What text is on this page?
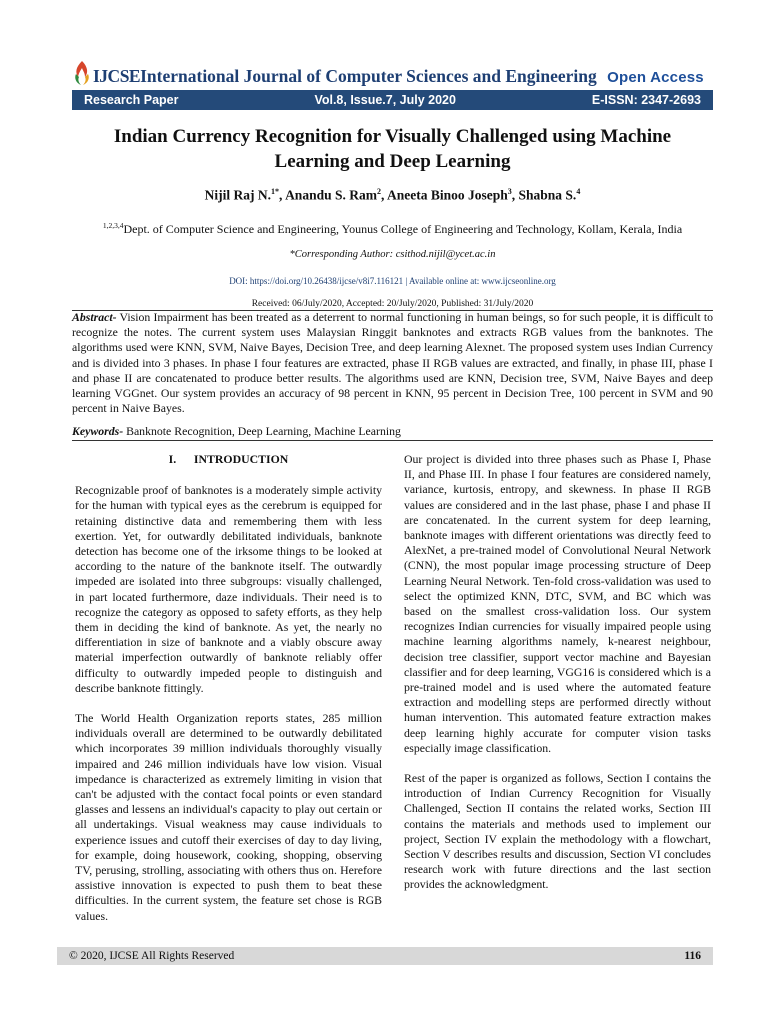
IJCSEInternational Journal of Computer Sciences and Engineering Open Access
Research Paper	Vol.8, Issue.7, July 2020	E-ISSN: 2347-2693
Indian Currency Recognition for Visually Challenged using Machine
Learning and Deep Learning
Nijil Raj N.$^{1*}$, Anandu S. Ram$^2$, Aneeta Binoo Joseph$^3$, Shabna S.$^4$
$^{1,2,3,4}$Dept. of Computer Science and Engineering, Younus College of Engineering and Technology, Kollam, Kerala, India
*Corresponding Author: csithod.nijil@ycet.ac.in
DOI: https://doi.org/10.26438/ijcse/v8i7.116121 | Available online at: www.ijcseonline.org
Received: 06/July/2020, Accepted: 20/July/2020, Published: 31/July/2020
Abstract- Vision Impairment has been treated as a deterrent to normal functioning in human beings, so for such people, it is difficult to recognize the notes. The current system uses Malaysian Ringgit banknotes and extracts RGB values from the banknotes. The algorithms used were KNN, SVM, Naive Bayes, Decision Tree, and deep learning Alexnet. The proposed system uses Indian Currency and is divided into 3 phases. In phase I four features are extracted, phase II RGB values are extracted, and finally, in phase III, phase I and phase II are concatenated to produce better results. The algorithms used are KNN, Decision tree, SVM, Naive Bayes and deep learning VGGnet. Our system provides an accuracy of 98 percent in KNN, 95 percent in Decision Tree, 100 percent in SVM and 90 percent in Naive Bayes.
Keywords- Banknote Recognition, Deep Learning, Machine Learning
I. INTRODUCTION

Recognizable proof of banknotes is a moderately simple activity for the human with typical eyes as the cerebrum is equipped for retaining distinctive data and remembering them with less exertion. Yet, for outwardly debilitated individuals, banknote detection has become one of the irksome things to be looked at according to the nature of the banknote itself. The outwardly impeded are isolated into three subgroups: visually challenged, in part located furthermore, daze individuals. Their need is to recognize the category as opposed to safety efforts, as they help them in deciding the kind of banknote. As yet, the nearly no differentiation in size of banknote and a viably obscure away material imperfection outwardly of banknote reliably offer difficulty to outwardly impeded people to distinguish and describe banknote fittingly.

The World Health Organization reports states, 285 million individuals overall are determined to be outwardly debilitated which incorporates 39 million individuals thoroughly visually impaired and 246 million individuals have low vision. Visual impedance is characterized as extremely limiting in vision that can't be adjusted with the contact focal points or even standard glasses and lessens an individual's capacity to play out certain or all undertakings. Visual weakness may cause individuals to experience issues and cutoff their exercises of day to day living, for example, doing housework, cooking, shopping, observing TV, perusing, strolling, associating with others thus on. Herefore assistive innovation is expected to push them to beat these difficulties. In the current system, the feature set chose is RGB values.

Our project is divided into three phases such as Phase I, Phase II, and Phase III. In phase I four features are considered namely, variance, kurtosis, entropy, and skewness. In phase II RGB values are considered and in the last phase, phase I and phase II are concatenated. In the current system for deep learning, banknote images with different orientations was directly feed to AlexNet, a pre-trained model of Convolutional Neural Network (CNN), the most popular image processing structure of Deep Learning Neural Network. Ten-fold cross-validation was used to select the optimized KNN, DTC, SVM, and BC which was based on the smallest cross-validation loss. Our system recognizes Indian currencies for visually impaired people using machine learning algorithms namely, k-nearest neighbour, decision tree classifier, support vector machine and Bayesian classifier and for deep learning, VGG16 is considered which is a pre-trained model and is used where the automated feature extraction and modelling steps are performed directly without human intervention. This automated feature extraction makes deep learning highly accurate for computer vision tasks especially image classification.

Rest of the paper is organized as follows, Section I contains the introduction of Indian Currency Recognition for Visually Challenged, Section II contains the related works, Section III contains the materials and methods used to implement our project, Section IV explain the methodology with a flowchart, Section V describes results and discussion, Section VI concludes research work with future directions and the last section provides the acknowledgment.

© 2020, IJCSE All Rights Reserved	116
